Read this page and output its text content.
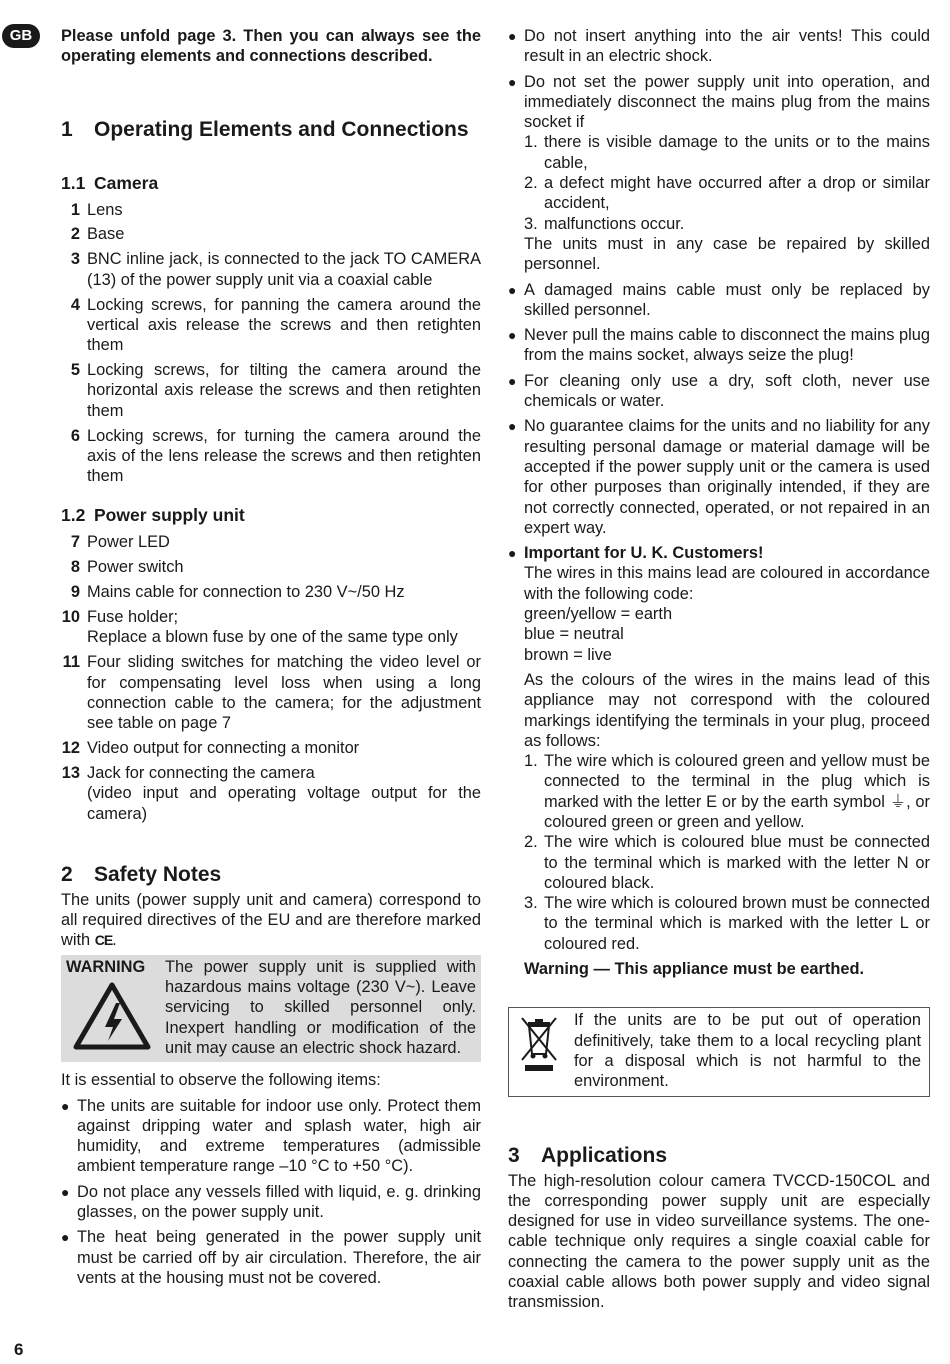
GB
6

Please unfold page 3. Then you can always see the operating elements and connections described.

1	Operating Elements and Connections
1.1 Camera
1 Lens
2 Base
3 BNC inline jack, is connected to the jack TO CAMERA (13) of the power supply unit via a coaxial cable
4 Locking screws, for panning the camera around the vertical axis release the screws and then retighten them
5 Locking screws, for tilting the camera around the horizontal axis release the screws and then retighten them
6 Locking screws, for turning the camera around the axis of the lens release the screws and then retighten them
1.2 Power supply unit
7 Power LED
8 Power switch
9 Mains cable for connection to 230 V~/50 Hz
10 Fuse holder;
Replace a blown fuse by one of the same type only
11 Four sliding switches for matching the video level or for compensating level loss when using a long connection cable to the camera; for the adjustment see table on page 7
12 Video output for connecting a monitor
13 Jack for connecting the camera
(video input and operating voltage output for the camera)
2	Safety Notes

The units (power supply unit and camera) correspond to all required directives of the EU and are therefore marked with CE.

WARNING	The power supply unit is supplied with hazardous mains voltage (230 V~). Leave servicing to skilled personnel only. Inexpert handling or modification of the unit may cause an electric shock hazard.

It is essential to observe the following items:

● The units are suitable for indoor use only. Protect them against dripping water and splash water, high air humidity, and extreme temperatures (admissible ambient temperature range –10 °C to +50 °C).
● Do not place any vessels filled with liquid, e. g. drinking glasses, on the power supply unit.
● The heat being generated in the power supply unit must be carried off by air circulation. Therefore, the air vents at the housing must not be covered.
● Do not insert anything into the air vents! This could result in an electric shock.
● Do not set the power supply unit into operation, and immediately disconnect the mains plug from the mains socket if

1. there is visible damage to the units or to the mains cable,
2. a defect might have occurred after a drop or similar accident,
3. malfunctions occur.

The units must in any case be repaired by skilled personnel.

● A damaged mains cable must only be replaced by skilled personnel.
● Never pull the mains cable to disconnect the mains plug from the mains socket, always seize the plug!
● For cleaning only use a dry, soft cloth, never use chemicals or water.
● No guarantee claims for the units and no liability for any resulting personal damage or material damage will be accepted if the power supply unit or the camera is used for other purposes than originally intended, if they are not correctly connected, operated, or not repaired in an expert way.
● Important for U. K. Customers!

The wires in this mains lead are coloured in accordance with the following code:

green/yellow = earth
blue = neutral
brown = live

As the colours of the wires in the mains lead of this appliance may not correspond with the coloured markings identifying the terminals in your plug, proceed as follows:

1. The wire which is coloured green and yellow must be connected to the terminal in the plug which is marked with the letter E or by the earth symbol ⏚, or coloured green or green and yellow.
2. The wire which is coloured blue must be connected to the terminal which is marked with the letter N or coloured black.
3. The wire which is coloured brown must be connected to the terminal which is marked with the letter L or coloured red.

Warning — This appliance must be earthed.

If the units are to be put out of operation definitively, take them to a local recycling plant for a disposal which is not harmful to the environment.
3	Applications

The high-resolution colour camera TVCCD-150COL and the corresponding power supply unit are especially designed for use in video surveillance systems. The one-cable technique only requires a single coaxial cable for connecting the camera to the power supply unit as the coaxial cable allows both power supply and video signal transmission.
